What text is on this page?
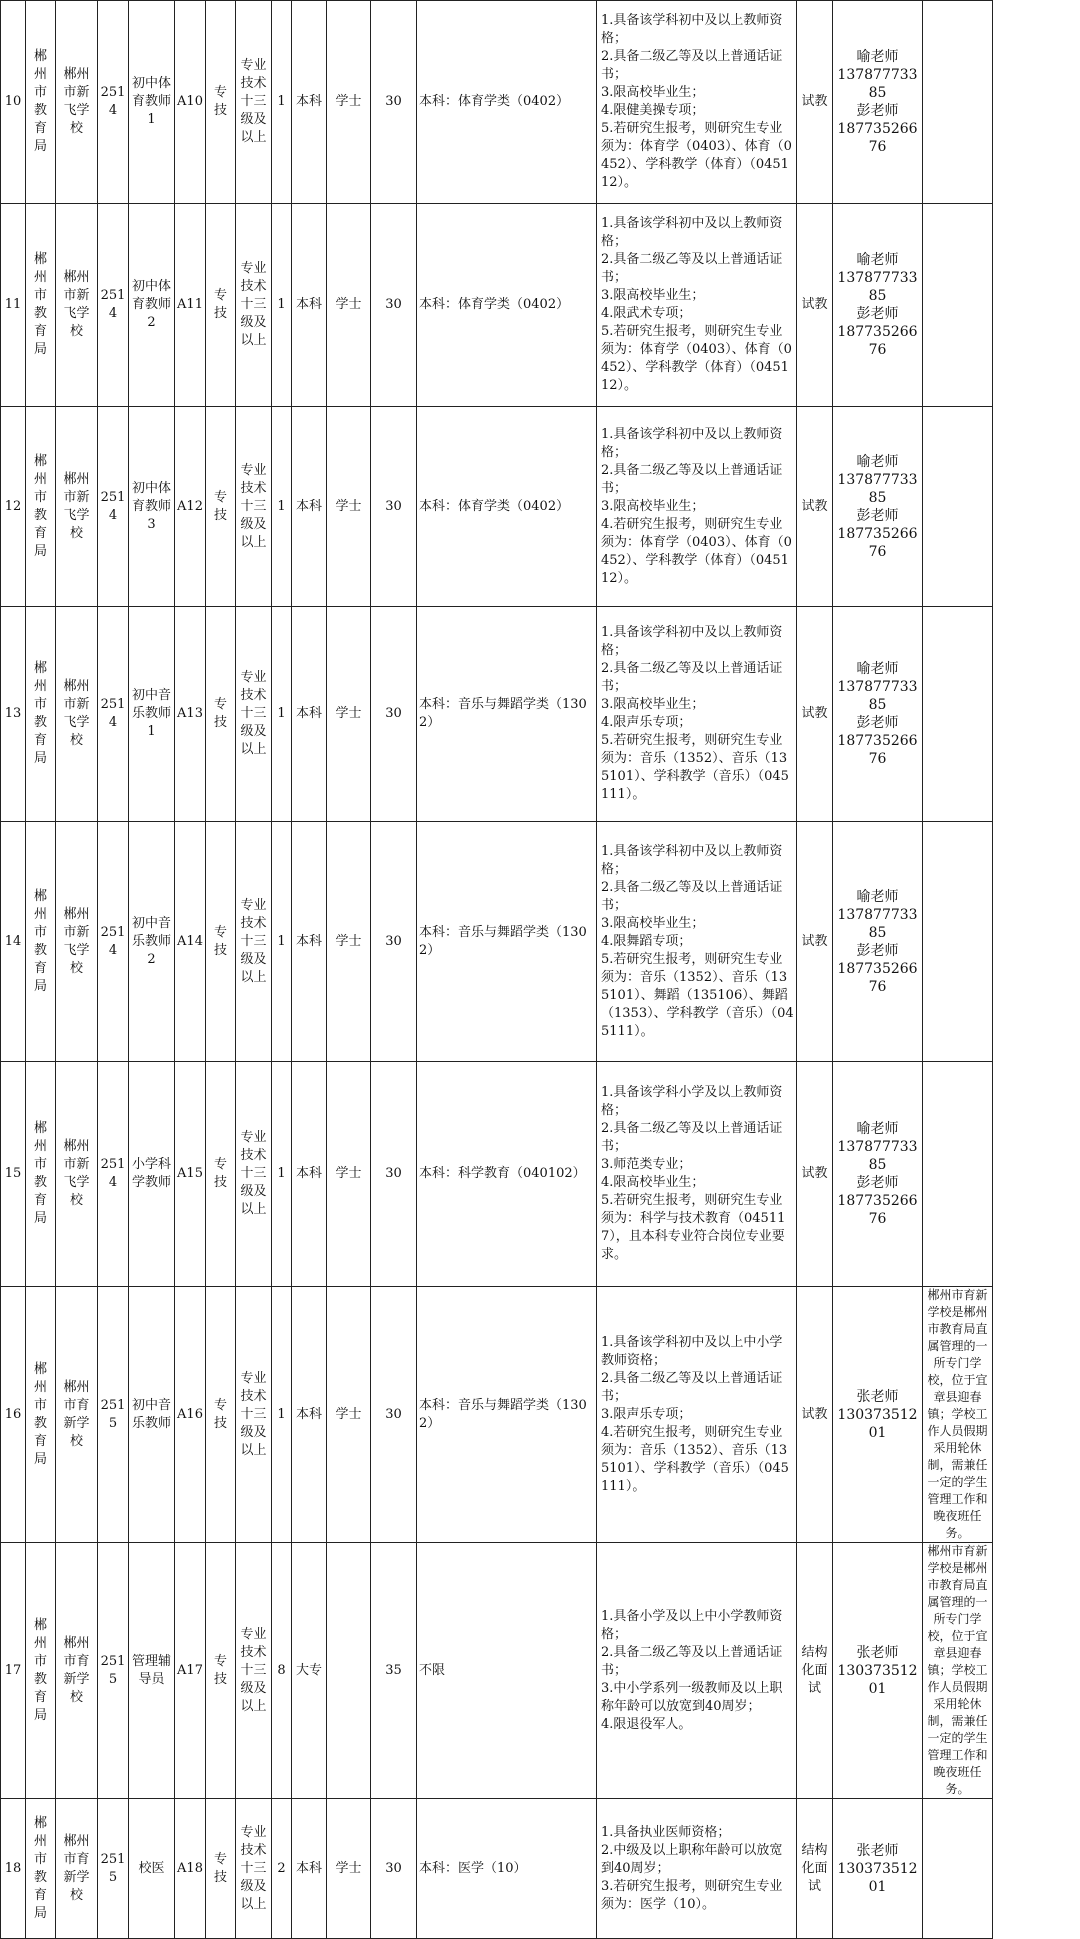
10	郴州市教育局	郴州市新飞学校	2514	初中体育教师1	A10	专技	专业技术十三级及以上	1	本科	学士	30	本科：体育学类（0402）	1.具备该学科初中及以上教师资格；
2.具备二级乙等及以上普通话证书；
3.限高校毕业生；
4.限健美操专项；
5.若研究生报考，则研究生专业须为：体育学（0403）、体育（0452）、学科教学（体育）（045112）。	试教	喻老师
13787773385
彭老师
18773526676	
11	郴州市教育局	郴州市新飞学校	2514	初中体育教师2	A11	专技	专业技术十三级及以上	1	本科	学士	30	本科：体育学类（0402）	1.具备该学科初中及以上教师资格；
2.具备二级乙等及以上普通话证书；
3.限高校毕业生；
4.限武术专项；
5.若研究生报考，则研究生专业须为：体育学（0403）、体育（0452）、学科教学（体育）（045112）。	试教	喻老师
13787773385
彭老师
18773526676	
12	郴州市教育局	郴州市新飞学校	2514	初中体育教师3	A12	专技	专业技术十三级及以上	1	本科	学士	30	本科：体育学类（0402）	1.具备该学科初中及以上教师资格；
2.具备二级乙等及以上普通话证书；
3.限高校毕业生；
4.若研究生报考，则研究生专业须为：体育学（0403）、体育（0452）、学科教学（体育）（045112）。	试教	喻老师
13787773385
彭老师
18773526676	
13	郴州市教育局	郴州市新飞学校	2514	初中音乐教师1	A13	专技	专业技术十三级及以上	1	本科	学士	30	本科：音乐与舞蹈学类（1302）	1.具备该学科初中及以上教师资格；
2.具备二级乙等及以上普通话证书；
3.限高校毕业生；
4.限声乐专项；
5.若研究生报考，则研究生专业须为：音乐（1352）、音乐（135101）、学科教学（音乐）（045111）。	试教	喻老师
13787773385
彭老师
18773526676	
14	郴州市教育局	郴州市新飞学校	2514	初中音乐教师2	A14	专技	专业技术十三级及以上	1	本科	学士	30	本科：音乐与舞蹈学类（1302）	1.具备该学科初中及以上教师资格；
2.具备二级乙等及以上普通话证书；
3.限高校毕业生；
4.限舞蹈专项；
5.若研究生报考，则研究生专业须为：音乐（1352）、音乐（135101）、舞蹈（135106）、舞蹈（1353）、学科教学（音乐）（045111）。	试教	喻老师
13787773385
彭老师
18773526676	
15	郴州市教育局	郴州市新飞学校	2514	小学科学教师	A15	专技	专业技术十三级及以上	1	本科	学士	30	本科：科学教育（040102）	1.具备该学科小学及以上教师资格；
2.具备二级乙等及以上普通话证书；
3.师范类专业；
4.限高校毕业生；
5.若研究生报考，则研究生专业须为：科学与技术教育（045117），且本科专业符合岗位专业要求。	试教	喻老师
13787773385
彭老师
18773526676	
16	郴州市教育局	郴州市育新学校	2515	初中音乐教师	A16	专技	专业技术十三级及以上	1	本科	学士	30	本科：音乐与舞蹈学类（1302）	1.具备该学科初中及以上中小学教师资格；
2.具备二级乙等及以上普通话证书；
3.限声乐专项；
4.若研究生报考，则研究生专业须为：音乐（1352）、音乐（135101）、学科教学（音乐）（045111）。	试教	张老师
13037351201	郴州市育新学校是郴州市教育局直属管理的一所专门学校，位于宜章县迎春镇；学校工作人员假期采用轮休制，需兼任一定的学生管理工作和晚夜班任务。
17	郴州市教育局	郴州市育新学校	2515	管理辅导员	A17	专技	专业技术十三级及以上	8	大专		35	不限	1.具备小学及以上中小学教师资格；
2.具备二级乙等及以上普通话证书；
3.中小学系列一级教师及以上职称年龄可以放宽到40周岁；
4.限退役军人。	结构化面试	张老师
13037351201	郴州市育新学校是郴州市教育局直属管理的一所专门学校，位于宜章县迎春镇；学校工作人员假期采用轮休制，需兼任一定的学生管理工作和晚夜班任务。
18	郴州市教育局	郴州市育新学校	2515	校医	A18	专技	专业技术十三级及以上	2	本科	学士	30	本科：医学（10）	1.具备执业医师资格；
2.中级及以上职称年龄可以放宽到40周岁；
3.若研究生报考，则研究生专业须为：医学（10）。	结构化面试	张老师
13037351201	
